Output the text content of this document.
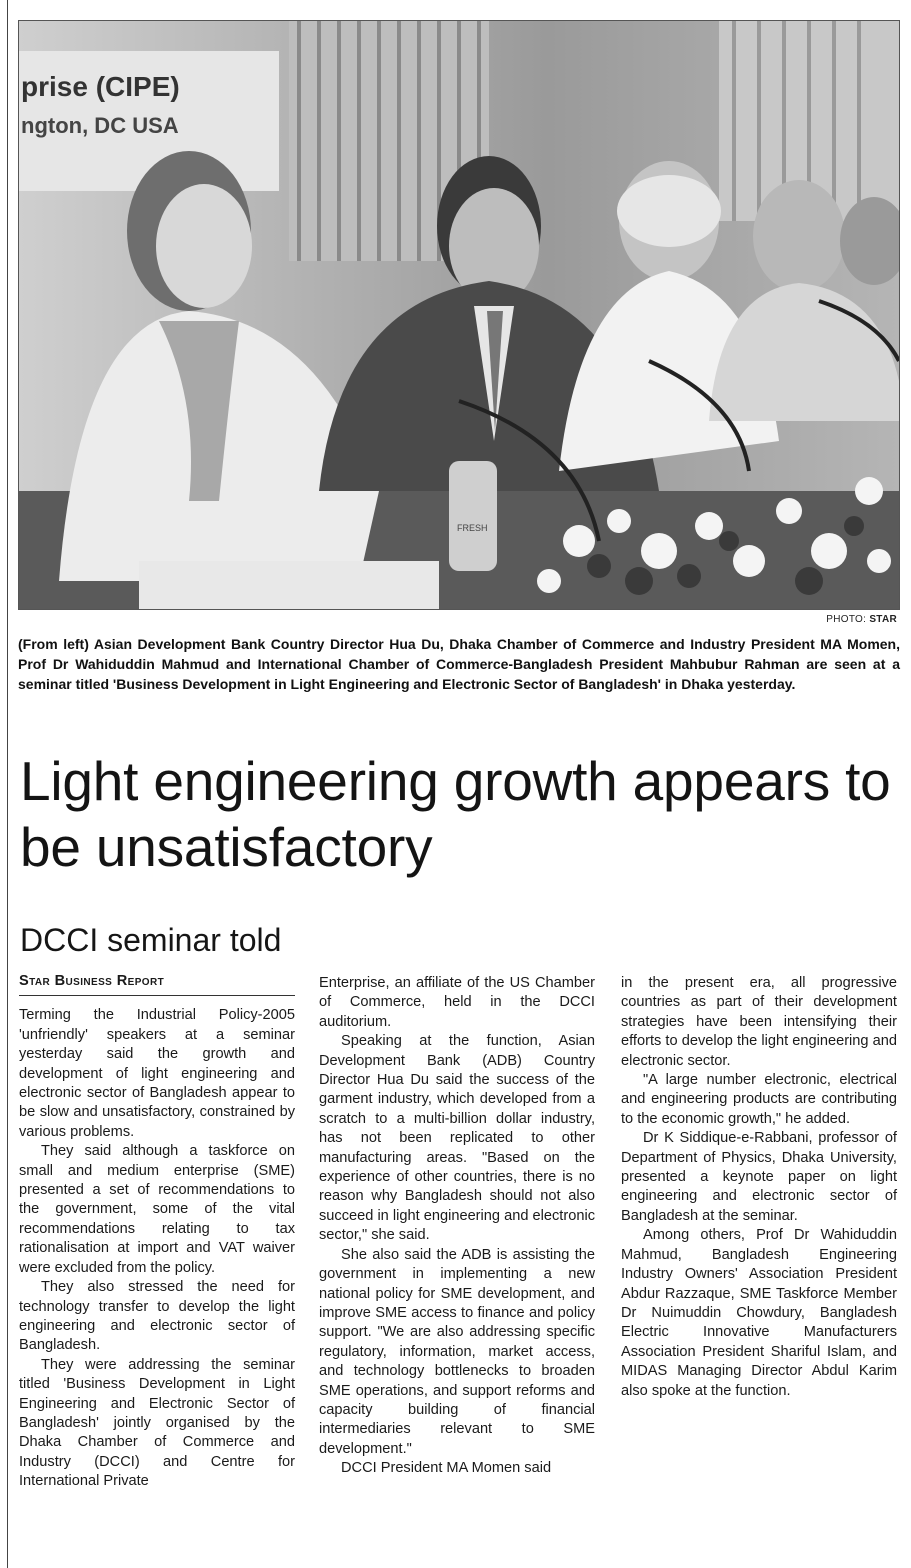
prise (CIPE)
ngton, DC USA
FRESH
PHOTO: STAR
(From left) Asian Development Bank Country Director Hua Du, Dhaka Chamber of Commerce and Industry President MA Momen, Prof Dr Wahiduddin Mahmud and International Chamber of Commerce-Bangladesh President Mahbubur Rahman are seen at a seminar titled 'Business Development in Light Engineering and Electronic Sector of Bangladesh' in Dhaka yesterday.
Light engineering growth appears to be unsatisfactory
DCCI seminar told
Star Business Report

Terming the Industrial Policy-2005 'unfriendly' speakers at a seminar yesterday said the growth and development of light engineering and electronic sector of Bangladesh appear to be slow and unsatisfactory, constrained by various problems.

They said although a taskforce on small and medium enterprise (SME) presented a set of recommendations to the government, some of the vital recommendations relating to tax rationalisation at import and VAT waiver were excluded from the policy.

They also stressed the need for technology transfer to develop the light engineering and electronic sector of Bangladesh.

They were addressing the seminar titled 'Business Development in Light Engineering and Electronic Sector of Bangladesh' jointly organised by the Dhaka Chamber of Commerce and Industry (DCCI) and Centre for International Private

Enterprise, an affiliate of the US Chamber of Commerce, held in the DCCI auditorium.

Speaking at the function, Asian Development Bank (ADB) Country Director Hua Du said the success of the garment industry, which developed from a scratch to a multi-billion dollar industry, has not been replicated to other manufacturing areas. "Based on the experience of other countries, there is no reason why Bangladesh should not also succeed in light engineering and electronic sector," she said.

She also said the ADB is assisting the government in implementing a new national policy for SME development, and improve SME access to finance and policy support. "We are also addressing specific regulatory, information, market access, and technology bottlenecks to broaden SME operations, and support reforms and capacity building of financial intermediaries relevant to SME development."

DCCI President MA Momen said

in the present era, all progressive countries as part of their development strategies have been intensifying their efforts to develop the light engineering and electronic sector.

"A large number electronic, electrical and engineering products are contributing to the economic growth," he added.

Dr K Siddique-e-Rabbani, professor of Department of Physics, Dhaka University, presented a keynote paper on light engineering and electronic sector of Bangladesh at the seminar.

Among others, Prof Dr Wahiduddin Mahmud, Bangladesh Engineering Industry Owners' Association President Abdur Razzaque, SME Taskforce Member Dr Nuimuddin Chowdury, Bangladesh Electric Innovative Manufacturers Association President Shariful Islam, and MIDAS Managing Director Abdul Karim also spoke at the function.
